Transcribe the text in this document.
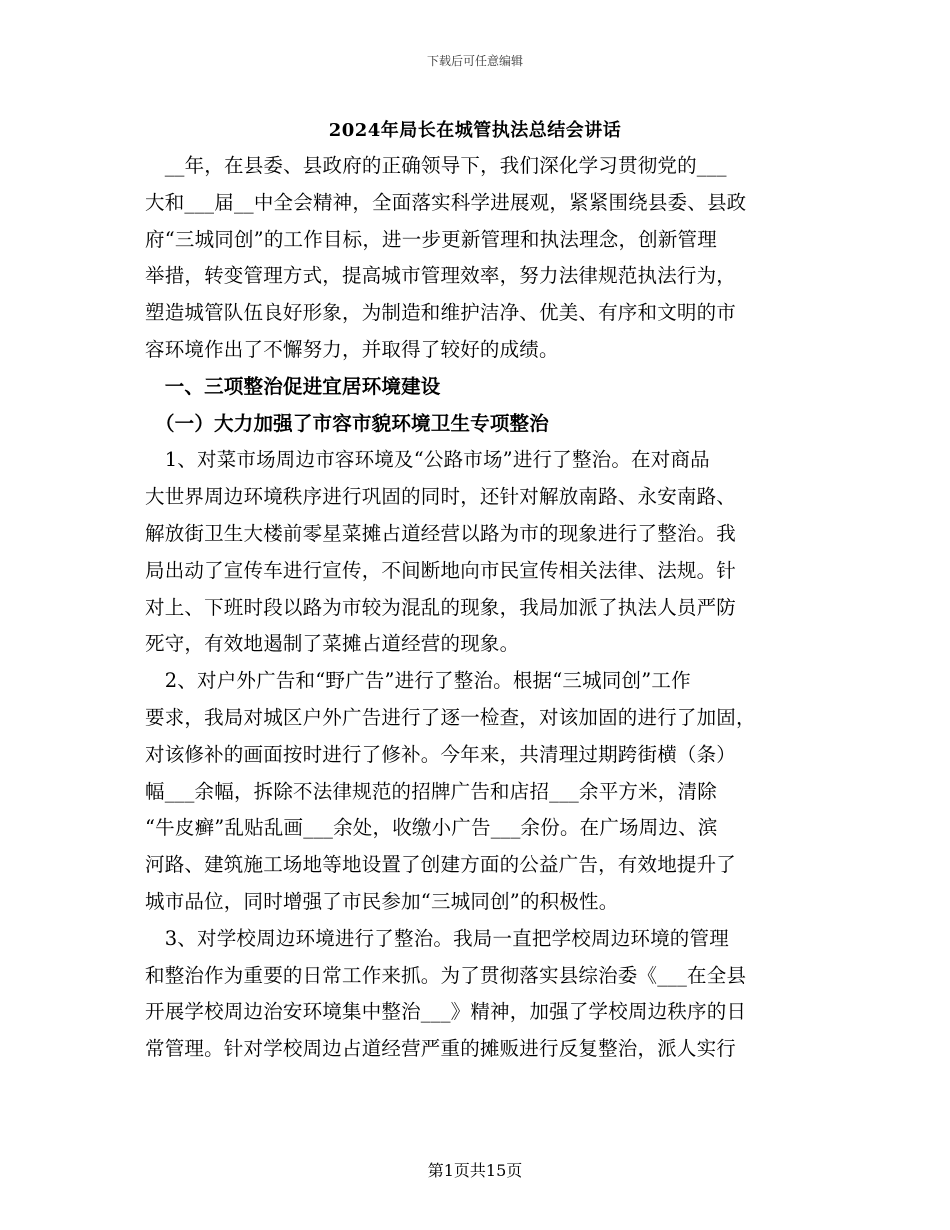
下载后可任意编辑
2024年局长在城管执法总结会讲话
　__年，在县委、县政府的正确领导下，我们深化学习贯彻党的___
大和___届__中全会精神，全面落实科学进展观，紧紧围绕县委、县政
府“三城同创”的工作目标，进一步更新管理和执法理念，创新管理
举措，转变管理方式，提高城市管理效率，努力法律规范执法行为，
塑造城管队伍良好形象，为制造和维护洁净、优美、有序和文明的市
容环境作出了不懈努力，并取得了较好的成绩。
　一、三项整治促进宜居环境建设
　（一）大力加强了市容市貌环境卫生专项整治
　1、对菜市场周边市容环境及“公路市场”进行了整治。在对商品
大世界周边环境秩序进行巩固的同时，还针对解放南路、永安南路、
解放街卫生大楼前零星菜摊占道经营以路为市的现象进行了整治。我
局出动了宣传车进行宣传，不间断地向市民宣传相关法律、法规。针
对上、下班时段以路为市较为混乱的现象，我局加派了执法人员严防
死守，有效地遏制了菜摊占道经营的现象。
　2、对户外广告和“野广告”进行了整治。根据“三城同创”工作
要求，我局对城区户外广告进行了逐一检查，对该加固的进行了加固，
对该修补的画面按时进行了修补。今年来，共清理过期跨街横（条）
幅___余幅，拆除不法律规范的招牌广告和店招___余平方米，清除
“牛皮癣”乱贴乱画___余处，收缴小广告___余份。在广场周边、滨
河路、建筑施工场地等地设置了创建方面的公益广告，有效地提升了
城市品位，同时增强了市民参加“三城同创”的积极性。
　3、对学校周边环境进行了整治。我局一直把学校周边环境的管理
和整治作为重要的日常工作来抓。为了贯彻落实县综治委《___在全县
开展学校周边治安环境集中整治___》精神，加强了学校周边秩序的日
常管理。针对学校周边占道经营严重的摊贩进行反复整治，派人实行
第1页共15页
